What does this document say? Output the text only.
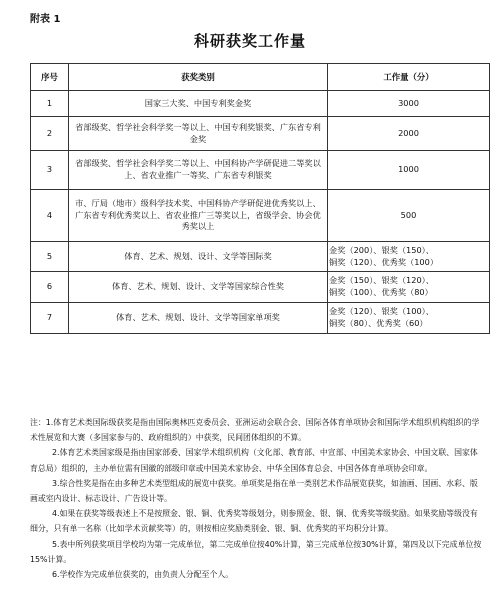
附表 1
科研获奖工作量
序号	获奖类别	工作量（分）
1	国家三大奖、中国专利奖金奖	3000
2	省部级奖、哲学社会科学奖一等以上、中国专利奖银奖、广东省专利金奖	2000
3	省部级奖、哲学社会科学奖二等以上、中国科协产学研促进二等奖以上、省农业推广一等奖、广东省专利银奖	1000
4	市、厅局（地市）级科学技术奖、中国科协产学研促进优秀奖以上、广东省专利优秀奖以上、省农业推广三等奖以上，省级学会、协会优秀奖以上	500
5	体育、艺术、规划、设计、文学等国际奖	金奖（200）、银奖（150）、
铜奖（120）、优秀奖（100）

6	体育、艺术、规划、设计、文学等国家综合性奖	金奖（150）、银奖（120）、
铜奖（100）、优秀奖（80）

7	体育、艺术、规划、设计、文学等国家单项奖	金奖（120）、银奖（100）、
铜奖（80）、优秀奖（60）

注：1.体育艺术类国际级获奖是指由国际奥林匹克委员会、亚洲运动会联合会、国际各体育单项协会和国际学术组织机构组织的学术性展览和大赛（多国家参与的、政府组织的）中获奖，民间团体组织的不算。

2.体育艺术类国家级是指由国家部委、国家学术组织机构（文化部、教育部、中宣部、中国美术家协会、中国文联、国家体育总局）组织的，主办单位需有国徽的部级印章或中国美术家协会、中华全国体育总会、中国各体育单项协会印章。

3.综合性奖是指在由多种艺术类型组成的展览中获奖。单项奖是指在单一类别艺术作品展览获奖，如油画、国画、水彩、版画或室内设计、标志设计、广告设计等。

4.如果在获奖等级表述上不是按照金、银、铜、优秀奖等级划分，则参照金、银、铜、优秀奖等级奖励。如果奖励等级没有细分，只有单一名称（比如学术贡献奖等）的，则按相应奖励类别金、银、铜、优秀奖的平均积分计算。

5.表中所列获奖项目学校均为第一完成单位，第二完成单位按40%计算，第三完成单位按30%计算，第四及以下完成单位按15%计算。

6.学校作为完成单位获奖的，由负责人分配至个人。
